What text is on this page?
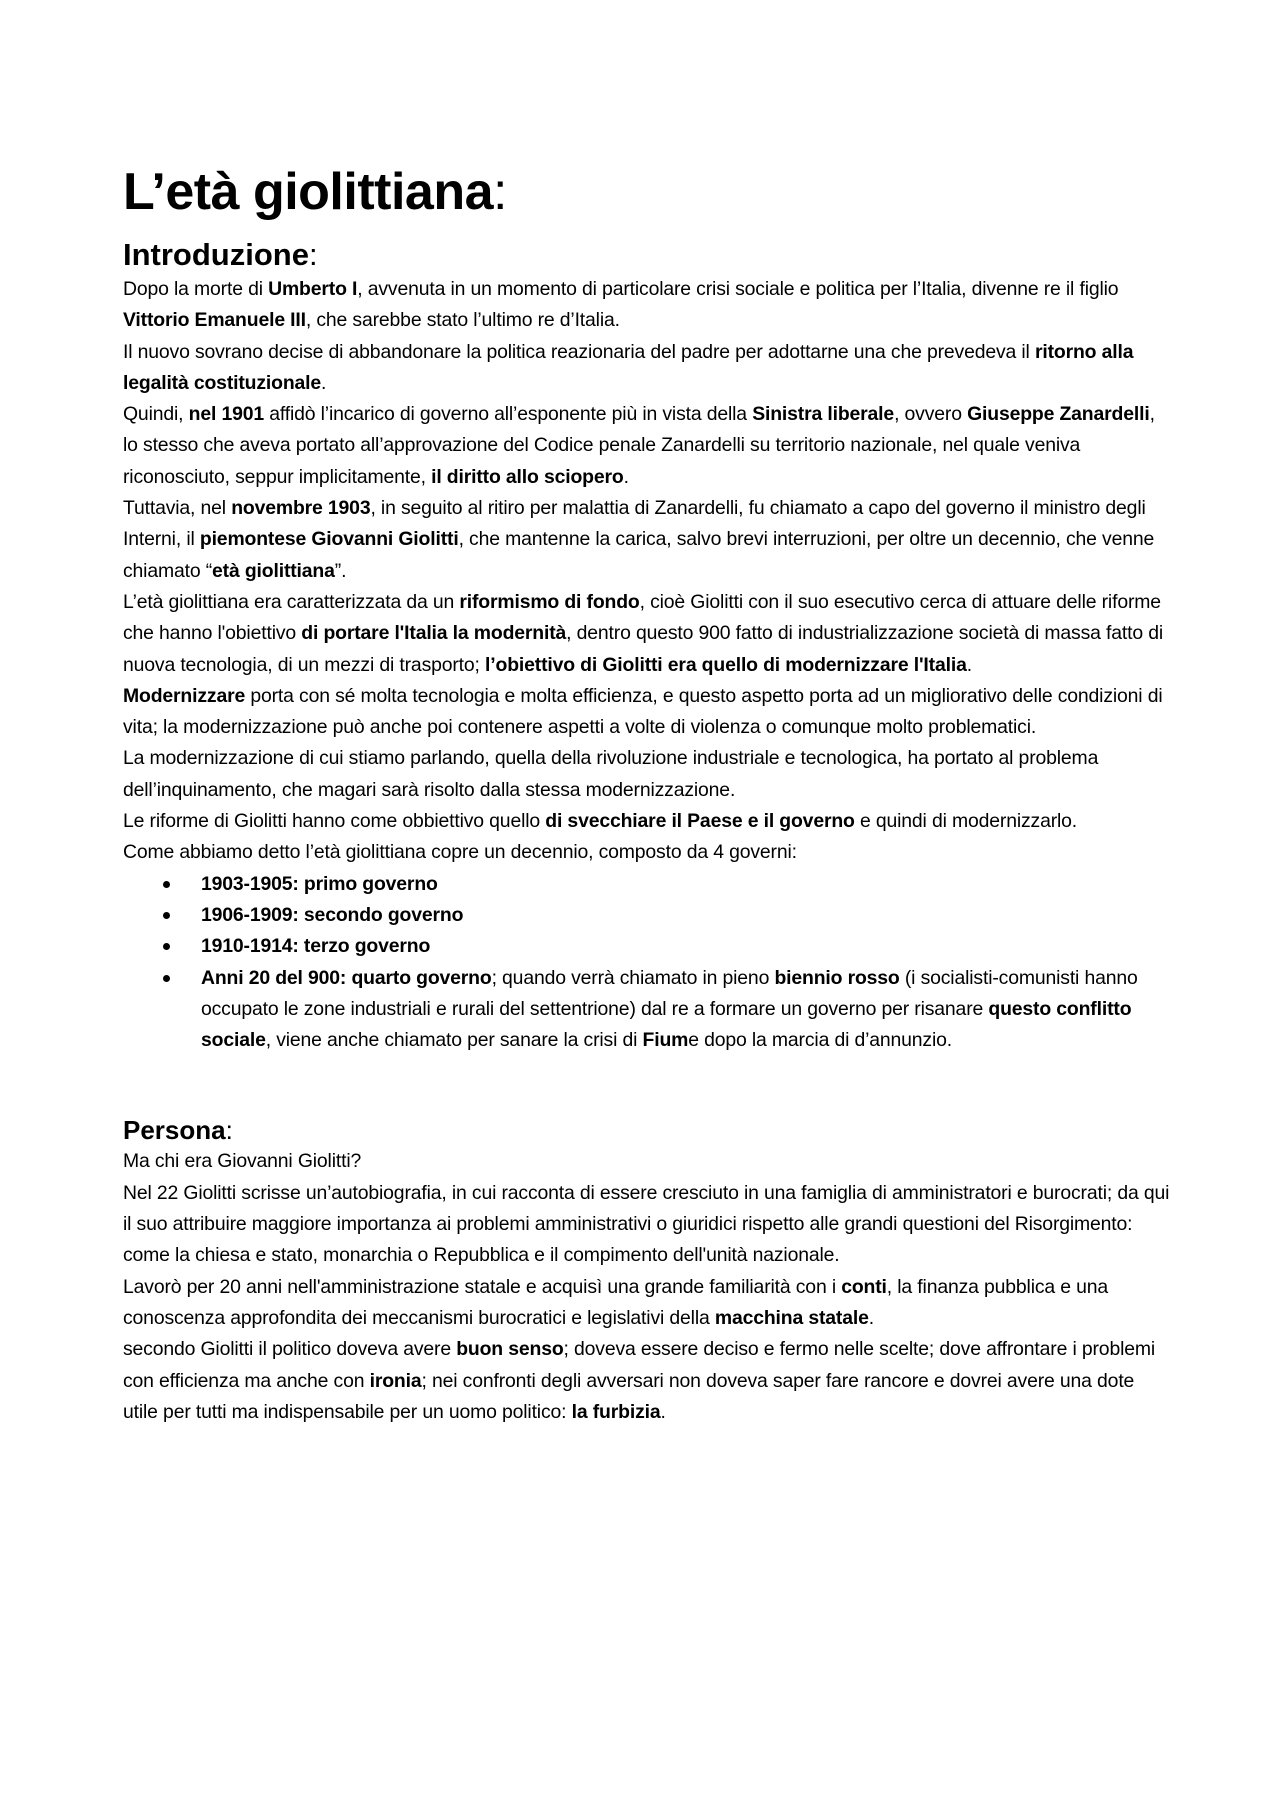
L’età giolittiana:
Introduzione:

Dopo la morte di Umberto I, avvenuta in un momento di particolare crisi sociale e politica per l’Italia, divenne re il figlio Vittorio Emanuele III, che sarebbe stato l’ultimo re d’Italia.

Il nuovo sovrano decise di abbandonare la politica reazionaria del padre per adottarne una che prevedeva il ritorno alla legalità costituzionale.

Quindi, nel 1901 affidò l’incarico di governo all’esponente più in vista della Sinistra liberale, ovvero Giuseppe Zanardelli, lo stesso che aveva portato all’approvazione del Codice penale Zanardelli su territorio nazionale, nel quale veniva riconosciuto, seppur implicitamente, il diritto allo sciopero.

Tuttavia, nel novembre 1903, in seguito al ritiro per malattia di Zanardelli, fu chiamato a capo del governo il ministro degli Interni, il piemontese Giovanni Giolitti, che mantenne la carica, salvo brevi interruzioni, per oltre un decennio, che venne chiamato “età giolittiana”.

L’età giolittiana era caratterizzata da un riformismo di fondo, cioè Giolitti con il suo esecutivo cerca di attuare delle riforme che hanno l'obiettivo di portare l'Italia la modernità, dentro questo 900 fatto di industrializzazione società di massa fatto di nuova tecnologia, di un mezzi di trasporto; l’obiettivo di Giolitti era quello di modernizzare l'Italia.

Modernizzare porta con sé molta tecnologia e molta efficienza, e questo aspetto porta ad un migliorativo delle condizioni di vita; la modernizzazione può anche poi contenere aspetti a volte di violenza o comunque molto problematici.

La modernizzazione di cui stiamo parlando, quella della rivoluzione industriale e tecnologica, ha portato al problema dell’inquinamento, che magari sarà risolto dalla stessa modernizzazione.

Le riforme di Giolitti hanno come obbiettivo quello di svecchiare il Paese e il governo e quindi di modernizzarlo.

Come abbiamo detto l’età giolittiana copre un decennio, composto da 4 governi:

1903-1905: primo governo
1906-1909: secondo governo
1910-1914: terzo governo
Anni 20 del 900: quarto governo; quando verrà chiamato in pieno biennio rosso (i socialisti-comunisti hanno occupato le zone industriali e rurali del settentrione) dal re a formare un governo per risanare questo conflitto sociale, viene anche chiamato per sanare la crisi di Fiume dopo la marcia di d’annunzio.
Persona:

Ma chi era Giovanni Giolitti?

Nel 22 Giolitti scrisse un’autobiografia, in cui racconta di essere cresciuto in una famiglia di amministratori e burocrati; da qui il suo attribuire maggiore importanza ai problemi amministrativi o giuridici rispetto alle grandi questioni del Risorgimento: come la chiesa e stato, monarchia o Repubblica e il compimento dell'unità nazionale.

Lavorò per 20 anni nell'amministrazione statale e acquisì una grande familiarità con i conti, la finanza pubblica e una conoscenza approfondita dei meccanismi burocratici e legislativi della macchina statale.

secondo Giolitti il politico doveva avere buon senso; doveva essere deciso e fermo nelle scelte; dove affrontare i problemi con efficienza ma anche con ironia; nei confronti degli avversari non doveva saper fare rancore e dovrei avere una dote utile per tutti ma indispensabile per un uomo politico: la furbizia.
